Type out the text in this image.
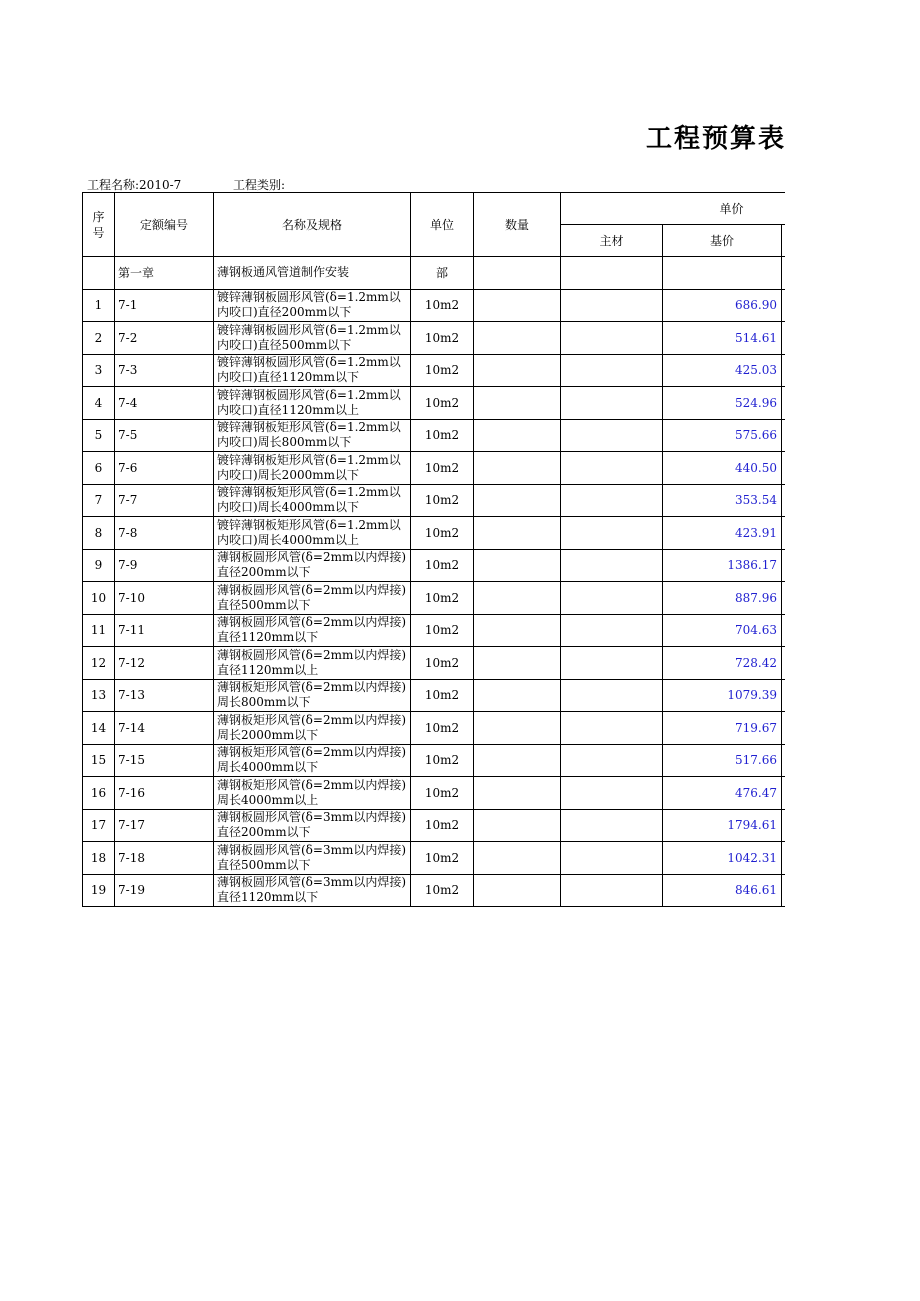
工程预算表
工程名称:2010-7	工程类别:
序
号	定额编号	名称及规格	单位	数量	单价		
					主材	基价	
	第一章	薄钢板通风管道制作安装	部				
1	7-1	镀锌薄钢板圆形风管(δ=1.2mm以内咬口)直径200mm以下	10m2			686.90	
2	7-2	镀锌薄钢板圆形风管(δ=1.2mm以内咬口)直径500mm以下	10m2			514.61	
3	7-3	镀锌薄钢板圆形风管(δ=1.2mm以内咬口)直径1120mm以下	10m2			425.03	
4	7-4	镀锌薄钢板圆形风管(δ=1.2mm以内咬口)直径1120mm以上	10m2			524.96	
5	7-5	镀锌薄钢板矩形风管(δ=1.2mm以内咬口)周长800mm以下	10m2			575.66	
6	7-6	镀锌薄钢板矩形风管(δ=1.2mm以内咬口)周长2000mm以下	10m2			440.50	
7	7-7	镀锌薄钢板矩形风管(δ=1.2mm以内咬口)周长4000mm以下	10m2			353.54	
8	7-8	镀锌薄钢板矩形风管(δ=1.2mm以内咬口)周长4000mm以上	10m2			423.91	
9	7-9	薄钢板圆形风管(δ=2mm以内焊接)直径200mm以下	10m2			1386.17	
10	7-10	薄钢板圆形风管(δ=2mm以内焊接)直径500mm以下	10m2			887.96	
11	7-11	薄钢板圆形风管(δ=2mm以内焊接)直径1120mm以下	10m2			704.63	
12	7-12	薄钢板圆形风管(δ=2mm以内焊接)直径1120mm以上	10m2			728.42	
13	7-13	薄钢板矩形风管(δ=2mm以内焊接)周长800mm以下	10m2			1079.39	
14	7-14	薄钢板矩形风管(δ=2mm以内焊接)周长2000mm以下	10m2			719.67	
15	7-15	薄钢板矩形风管(δ=2mm以内焊接)周长4000mm以下	10m2			517.66	
16	7-16	薄钢板矩形风管(δ=2mm以内焊接)周长4000mm以上	10m2			476.47	
17	7-17	薄钢板圆形风管(δ=3mm以内焊接)直径200mm以下	10m2			1794.61	
18	7-18	薄钢板圆形风管(δ=3mm以内焊接)直径500mm以下	10m2			1042.31	
19	7-19	薄钢板圆形风管(δ=3mm以内焊接)直径1120mm以下	10m2			846.61	
